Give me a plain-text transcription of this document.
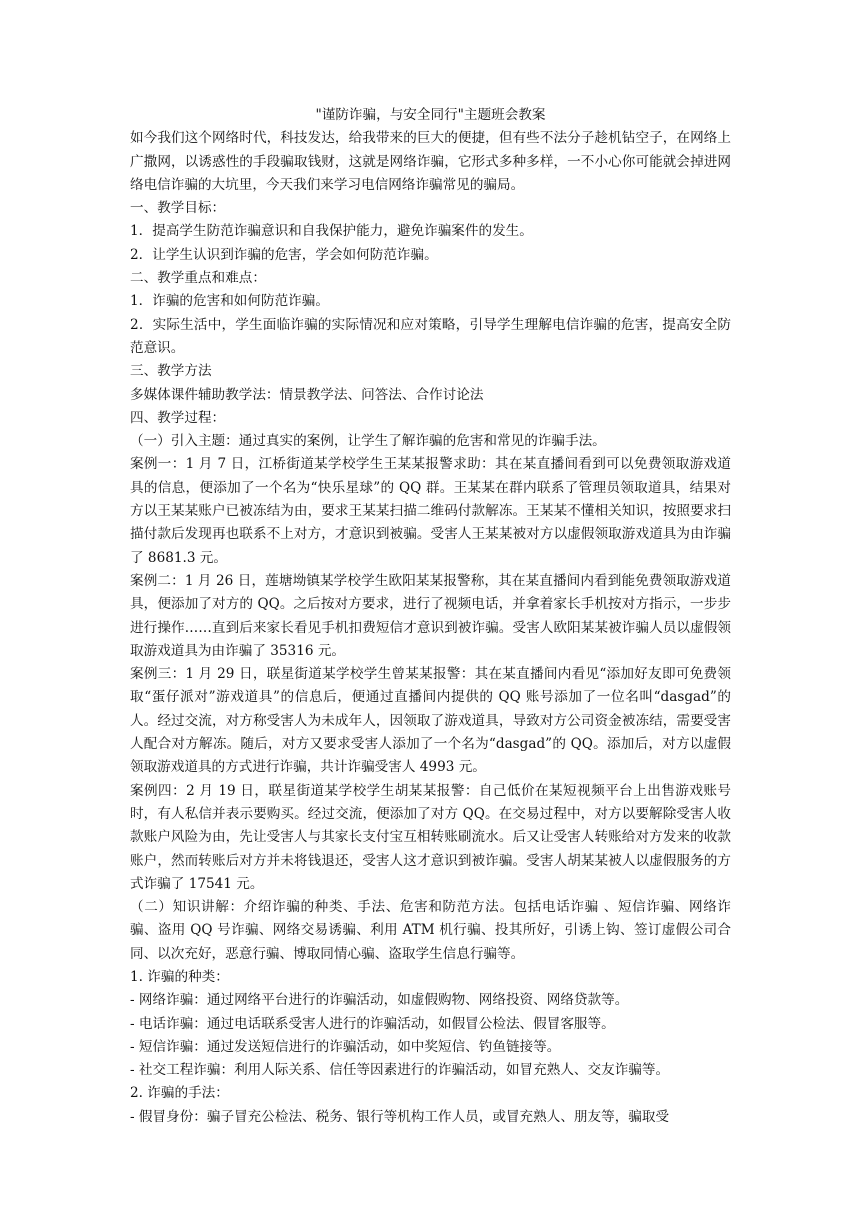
"谨防诈骗，与安全同行"主题班会教案

如今我们这个网络时代，科技发达，给我带来的巨大的便捷，但有些不法分子趁机钻空子，在网络上广撒网，以诱惑性的手段骗取钱财，这就是网络诈骗，它形式多种多样，一不小心你可能就会掉进网络电信诈骗的大坑里，今天我们来学习电信网络诈骗常见的骗局。

一、教学目标：

1．提高学生防范诈骗意识和自我保护能力，避免诈骗案件的发生。

2．让学生认识到诈骗的危害，学会如何防范诈骗。

二、教学重点和难点：

1．诈骗的危害和如何防范诈骗。

2．实际生活中，学生面临诈骗的实际情况和应对策略，引导学生理解电信诈骗的危害，提高安全防范意识。

三、教学方法

多媒体课件辅助教学法：情景教学法、问答法、合作讨论法

四、教学过程：

（一）引入主题：通过真实的案例，让学生了解诈骗的危害和常见的诈骗手法。

案例一：1 月 7 日，江桥街道某学校学生王某某报警求助：其在某直播间看到可以免费领取游戏道具的信息，便添加了一个名为“快乐星球”的 QQ 群。王某某在群内联系了管理员领取道具，结果对方以王某某账户已被冻结为由，要求王某某扫描二维码付款解冻。王某某不懂相关知识，按照要求扫描付款后发现再也联系不上对方，才意识到被骗。受害人王某某被对方以虚假领取游戏道具为由诈骗了 8681.3 元。

案例二：1 月 26 日，莲塘坳镇某学校学生欧阳某某报警称，其在某直播间内看到能免费领取游戏道具，便添加了对方的 QQ。之后按对方要求，进行了视频电话，并拿着家长手机按对方指示，一步步进行操作……直到后来家长看见手机扣费短信才意识到被诈骗。受害人欧阳某某被诈骗人员以虚假领取游戏道具为由诈骗了 35316 元。

案例三：1 月 29 日，联星街道某学校学生曾某某报警：其在某直播间内看见“添加好友即可免费领取“蛋仔派对”游戏道具”的信息后，便通过直播间内提供的 QQ 账号添加了一位名叫“dasgad”的人。经过交流，对方称受害人为未成年人，因领取了游戏道具，导致对方公司资金被冻结，需要受害人配合对方解冻。随后，对方又要求受害人添加了一个名为“dasgad”的 QQ。添加后，对方以虚假领取游戏道具的方式进行诈骗，共计诈骗受害人 4993 元。

案例四：2 月 19 日，联星街道某学校学生胡某某报警：自己低价在某短视频平台上出售游戏账号时，有人私信并表示要购买。经过交流，便添加了对方 QQ。在交易过程中，对方以要解除受害人收款账户风险为由，先让受害人与其家长支付宝互相转账刷流水。后又让受害人转账给对方发来的收款账户，然而转账后对方并未将钱退还，受害人这才意识到被诈骗。受害人胡某某被人以虚假服务的方式诈骗了 17541 元。

（二）知识讲解：介绍诈骗的种类、手法、危害和防范方法。包括电话诈骗 、短信诈骗、网络诈骗、盗用 QQ 号诈骗、网络交易诱骗、利用 ATM 机行骗、投其所好，引诱上钩、签订虚假公司合同、以次充好，恶意行骗、博取同情心骗、盗取学生信息行骗等。

1. 诈骗的种类：

- 网络诈骗：通过网络平台进行的诈骗活动，如虚假购物、网络投资、网络贷款等。

- 电话诈骗：通过电话联系受害人进行的诈骗活动，如假冒公检法、假冒客服等。

- 短信诈骗：通过发送短信进行的诈骗活动，如中奖短信、钓鱼链接等。

- 社交工程诈骗：利用人际关系、信任等因素进行的诈骗活动，如冒充熟人、交友诈骗等。

2. 诈骗的手法：

- 假冒身份：骗子冒充公检法、税务、银行等机构工作人员，或冒充熟人、朋友等，骗取受
